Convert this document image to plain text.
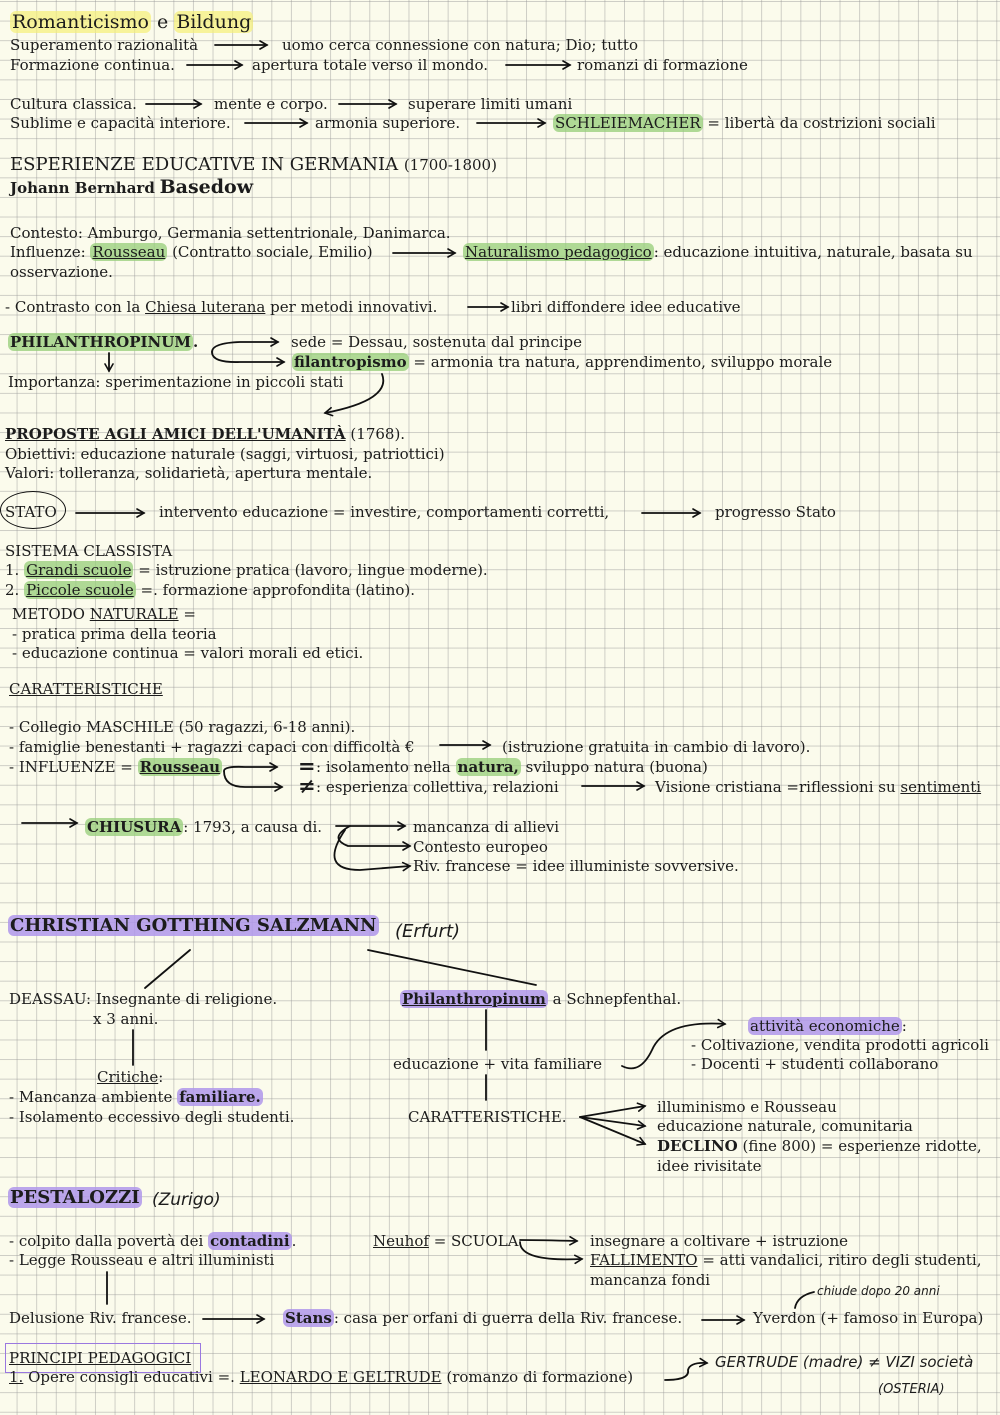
Romanticismo e Bildung
Superamento razionalità	uomo cerca connessione con natura; Dio; tutto
Formazione continua.	apertura totale verso il mondo.	romanzi di formazione
Cultura classica.	mente e corpo.	superare limiti umani
Sublime e capacità interiore.	armonia superiore.	SCHLEIEMACHER = libertà da costrizioni sociali
ESPERIENZE EDUCATIVE IN GERMANIA (1700-1800)
Johann Bernhard Basedow
Contesto: Amburgo, Germania settentrionale, Danimarca.
Influenze: Rousseau (Contratto sociale, Emilio)	Naturalismo pedagogico : educazione intuitiva, naturale, basata su
osservazione.
- Contrasto con la Chiesa luterana per metodi innovativi.	libri diffondere idee educative
PHILANTHROPINUM .	sede = Dessau, sostenuta dal principe
filantropismo = armonia tra natura, apprendimento, sviluppo morale
Importanza: sperimentazione in piccoli stati
PROPOSTE AGLI AMICI DELL'UMANITÀ (1768).
Obiettivi: educazione naturale (saggi, virtuosi, patriottici)
Valori: tolleranza, solidarietà, apertura mentale.
STATO	intervento educazione = investire, comportamenti corretti,	progresso Stato
SISTEMA CLASSISTA
1. Grandi scuole = istruzione pratica (lavoro, lingue moderne).
2. Piccole scuole =. formazione approfondita (latino).
METODO NATURALE =
- pratica prima della teoria
- educazione continua = valori morali ed etici.
CARATTERISTICHE
- Collegio MASCHILE (50 ragazzi, 6-18 anni).
- famiglie benestanti + ragazzi capaci con difficoltà €	(istruzione gratuita in cambio di lavoro).
- INFLUENZE = Rousseau	=
≠
: isolamento nella natura, sviluppo natura (buona)
: esperienza collettiva, relazioni	Visione cristiana =riflessioni su sentimenti
CHIUSURA : 1793, a causa di.	mancanza di allievi
Contesto europeo
Riv. francese = idee illuministe sovversive.
CHRISTIAN GOTTHING SALZMANN (Erfurt)
DEASSAU: Insegnante di religione.
x 3 anni.
Critiche:
- Mancanza ambiente familiare.
- Isolamento eccessivo degli studenti.
Philanthropinum a Schnepfenthal.
educazione + vita familiare
attività economiche :
- Coltivazione, vendita prodotti agricoli
- Docenti + studenti collaborano
CARATTERISTICHE.
illuminismo e Rousseau
educazione naturale, comunitaria
DECLINO (fine 800) = esperienze ridotte,
idee rivisitate
PESTALOZZI (Zurigo)
- colpito dalla povertà dei contadini .
- Legge Rousseau e altri illuministi
Neuhof = SCUOLA	insegnare a coltivare + istruzione
FALLIMENTO = atti vandalici, ritiro degli studenti,
mancanza fondi
Delusione Riv. francese.	Stans : casa per orfani di guerra della Riv. francese.	Yverdon (+ famoso in Europa)
chiude dopo 20 anni
PRINCIPI PEDAGOGICI
1. Opere consigli educativi =. LEONARDO E GELTRUDE (romanzo di formazione)
GERTRUDE (madre) ≠ VIZI società
(OSTERIA)
